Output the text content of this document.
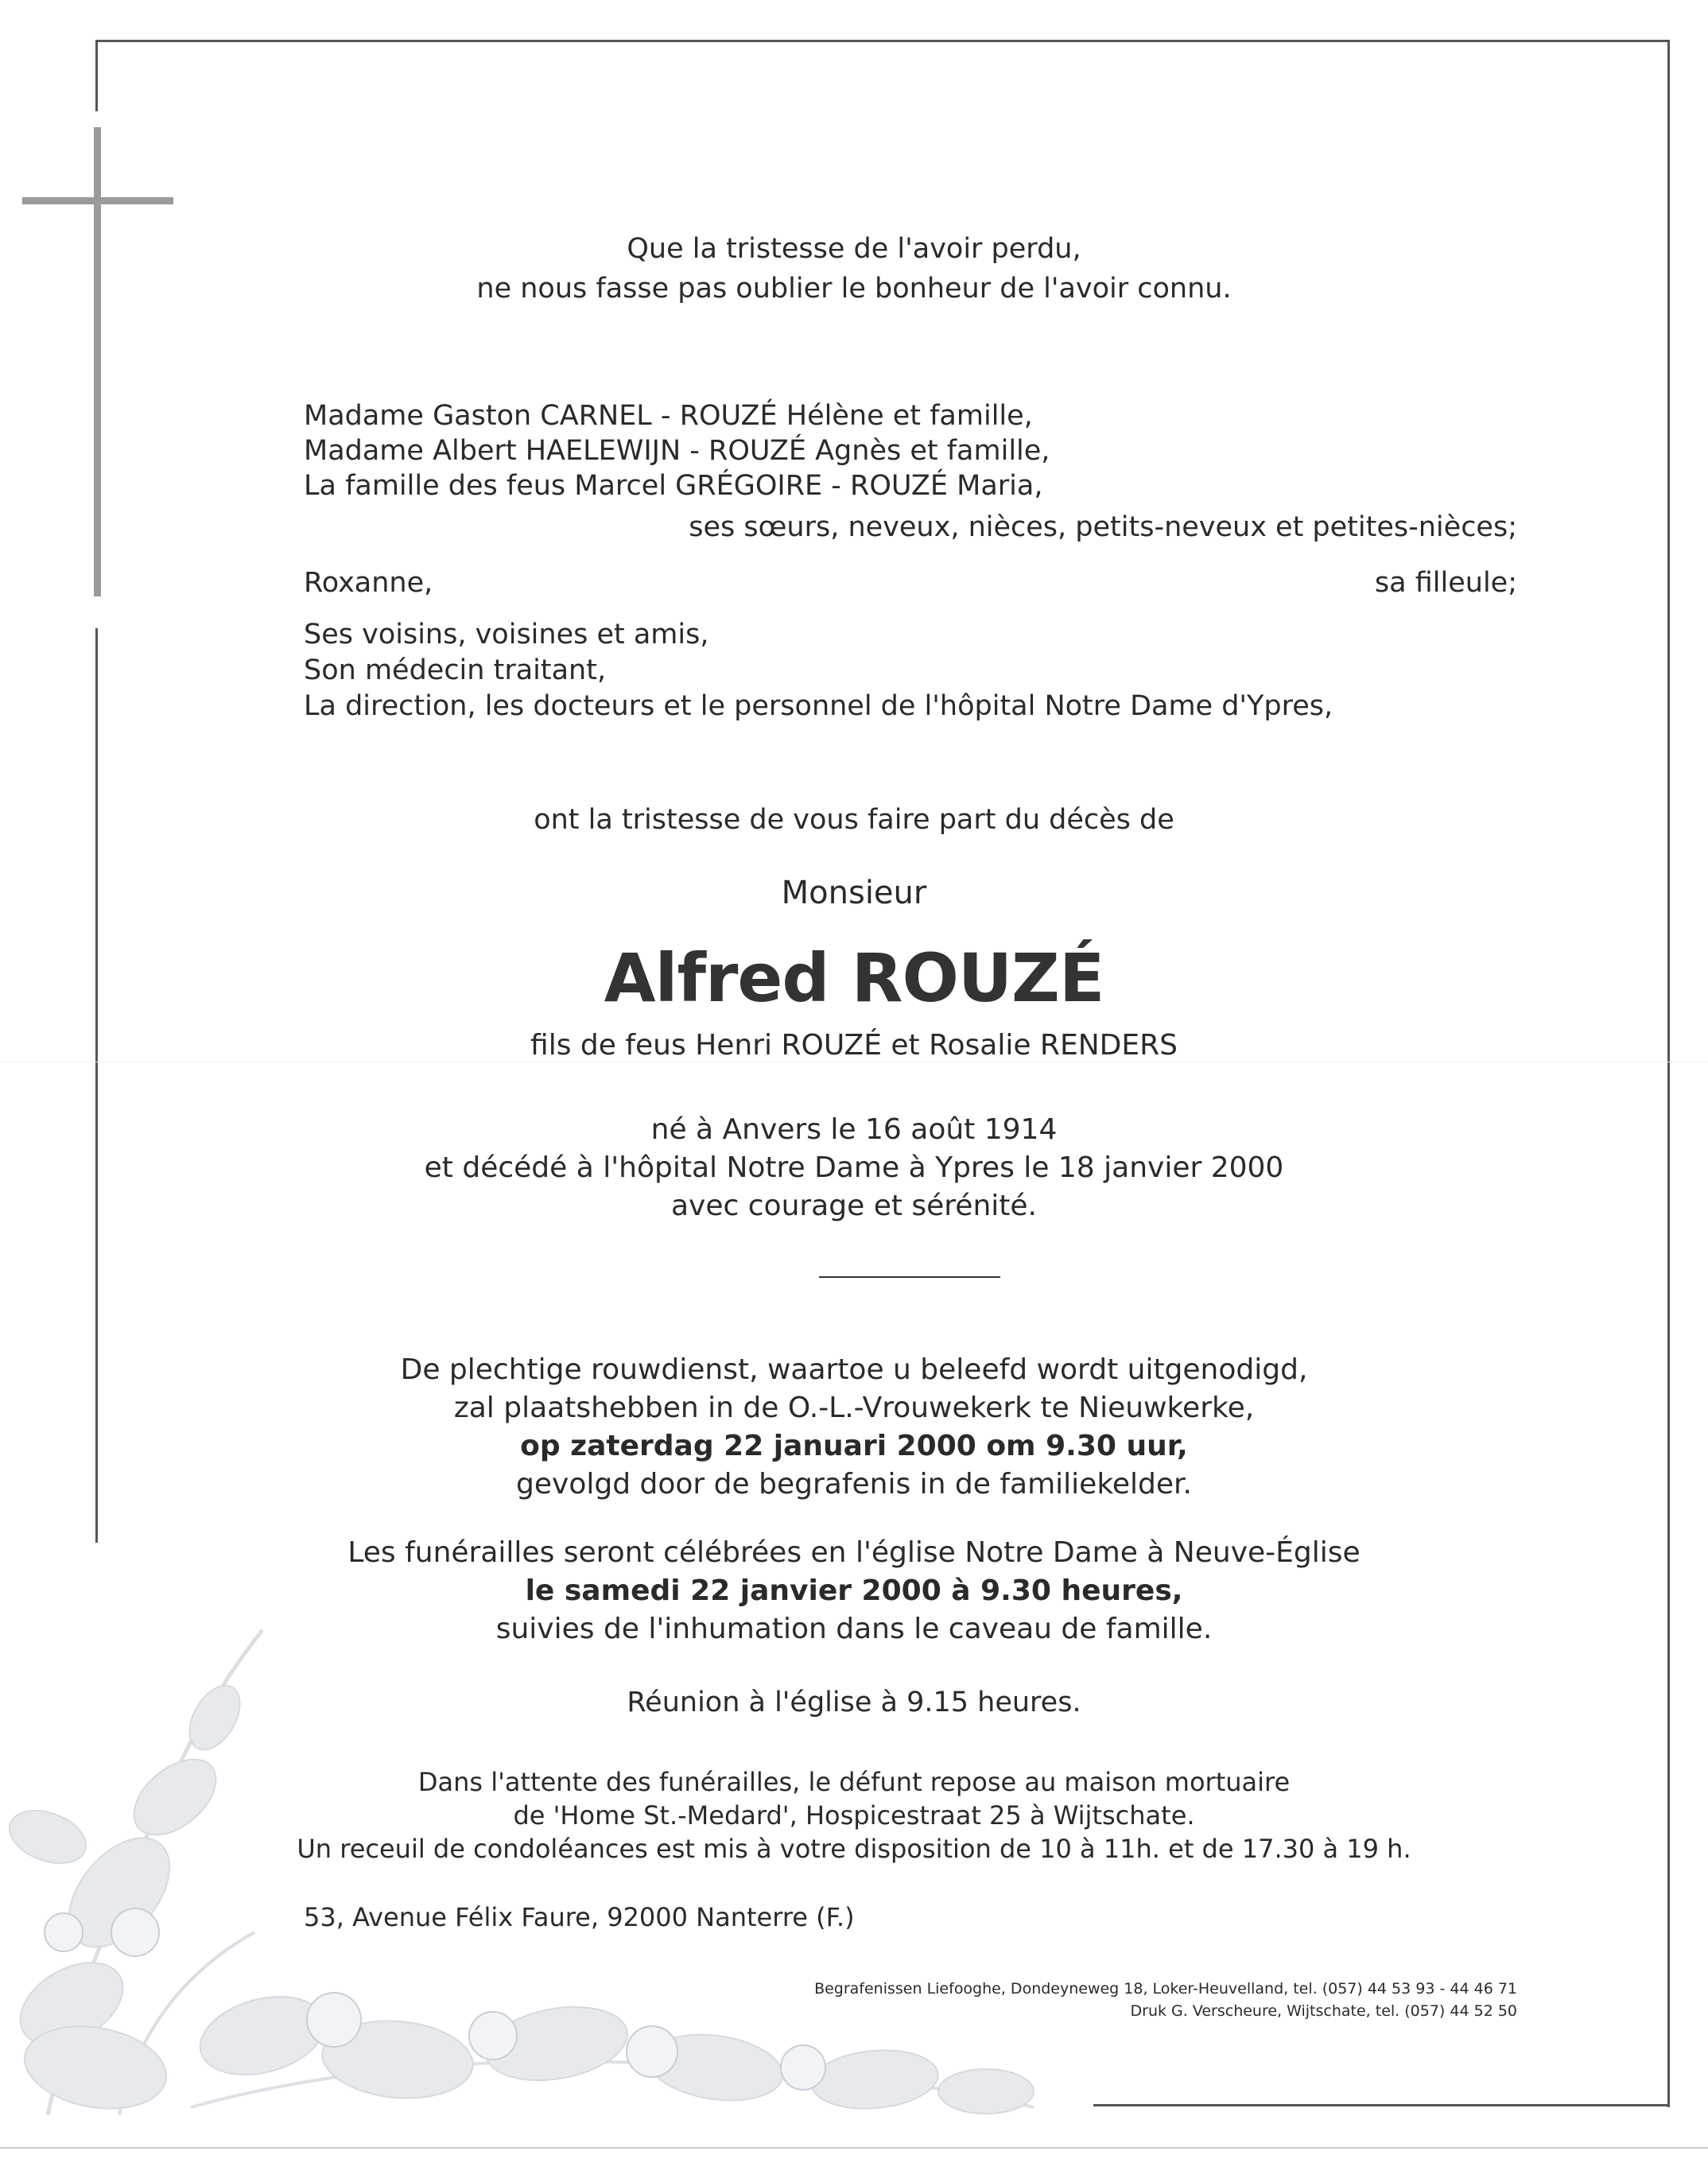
Que la tristesse de l'avoir perdu,
ne nous fasse pas oublier le bonheur de l'avoir connu.
Madame Gaston CARNEL - ROUZÉ Hélène et famille,
Madame Albert HAELEWIJN - ROUZÉ Agnès et famille,
La famille des feus Marcel GRÉGOIRE - ROUZÉ Maria,
ses sœurs, neveux, nièces, petits-neveux et petites-nièces;
Roxanne,	sa filleule;
Ses voisins, voisines et amis,
Son médecin traitant,
La direction, les docteurs et le personnel de l'hôpital Notre Dame d'Ypres,
ont la tristesse de vous faire part du décès de
Monsieur
Alfred ROUZÉ
fils de feus Henri ROUZÉ et Rosalie RENDERS
né à Anvers le 16 août 1914
et décédé à l'hôpital Notre Dame à Ypres le 18 janvier 2000
avec courage et sérénité.
De plechtige rouwdienst, waartoe u beleefd wordt uitgenodigd,
zal plaatshebben in de O.-L.-Vrouwekerk te Nieuwkerke,
op zaterdag 22 januari 2000 om 9.30 uur,
gevolgd door de begrafenis in de familiekelder.
Les funérailles seront célébrées en l'église Notre Dame à Neuve-Église
le samedi 22 janvier 2000 à 9.30 heures,
suivies de l'inhumation dans le caveau de famille.
Réunion à l'église à 9.15 heures.
Dans l'attente des funérailles, le défunt repose au maison mortuaire
de 'Home St.-Medard', Hospicestraat 25 à Wijtschate.
Un receuil de condoléances est mis à votre disposition de 10 à 11h. et de 17.30 à 19 h.
53, Avenue Félix Faure, 92000 Nanterre (F.)
Begrafenissen Liefooghe, Dondeyneweg 18, Loker-Heuvelland, tel. (057) 44 53 93 - 44 46 71
Druk G. Verscheure, Wijtschate, tel. (057) 44 52 50
